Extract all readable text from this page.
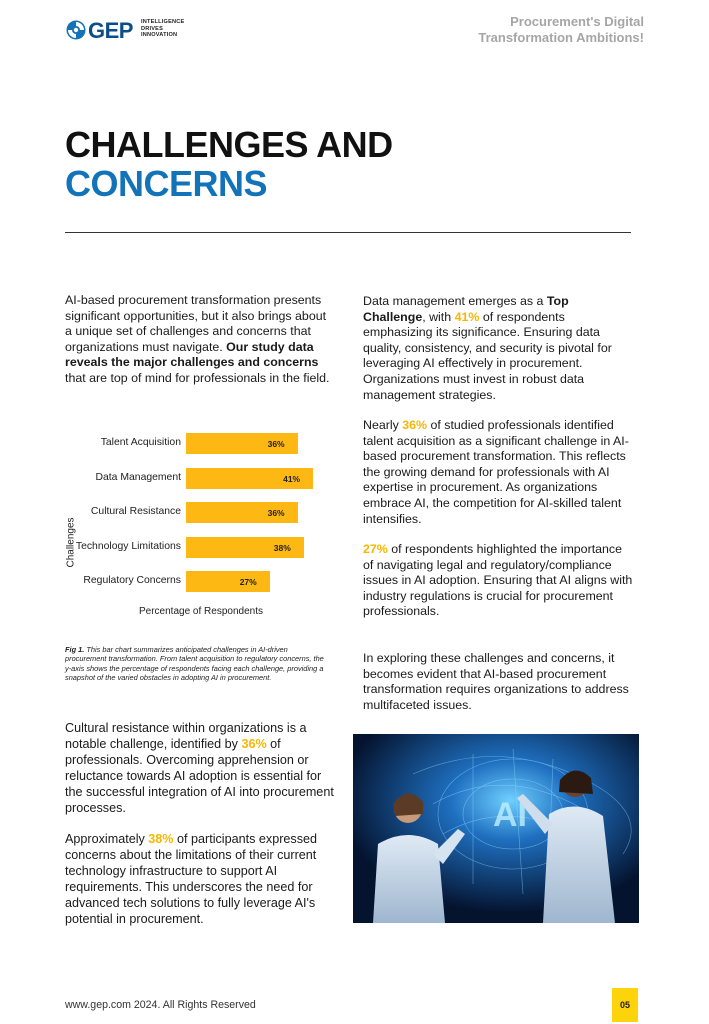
GEP INTELLIGENCE
DRIVES
INNOVATION
Procurement's Digital
Transformation Ambitions!
CHALLENGES AND
CONCERNS
AI-based procurement transformation presents significant opportunities, but it also brings about a unique set of challenges and concerns that organizations must navigate. Our study data reveals the major challenges and concerns that are top of mind for professionals in the field.
Challenges
Talent Acquisition	36%
Data Management	41%
Cultural Resistance	36%
Technology Limitations	38%
Regulatory Concerns	27%
Percentage of Respondents
Fig 1. This bar chart summarizes anticipated challenges in AI-driven procurement transformation. From talent acquisition to regulatory concerns, the y-axis shows the percentage of respondents facing each challenge, providing a snapshot of the varied obstacles in adopting AI in procurement.
Cultural resistance within organizations is a notable challenge, identified by 36% of professionals. Overcoming apprehension or reluctance towards AI adoption is essential for the successful integration of AI into procurement processes.
Approximately 38% of participants expressed concerns about the limitations of their current technology infrastructure to support AI requirements. This underscores the need for advanced tech solutions to fully leverage AI's potential in procurement.
Data management emerges as a Top Challenge, with 41% of respondents emphasizing its significance. Ensuring data quality, consistency, and security is pivotal for leveraging AI effectively in procurement. Organizations must invest in robust data management strategies.
Nearly 36% of studied professionals identified talent acquisition as a significant challenge in AI-based procurement transformation. This reflects the growing demand for professionals with AI expertise in procurement. As organizations embrace AI, the competition for AI-skilled talent intensifies.
27% of respondents highlighted the importance of navigating legal and regulatory/compliance issues in AI adoption. Ensuring that AI aligns with industry regulations is crucial for procurement professionals.
In exploring these challenges and concerns, it becomes evident that AI-based procurement transformation requires organizations to address multifaceted issues.
AI
www.gep.com 2024. All Rights Reserved	05
